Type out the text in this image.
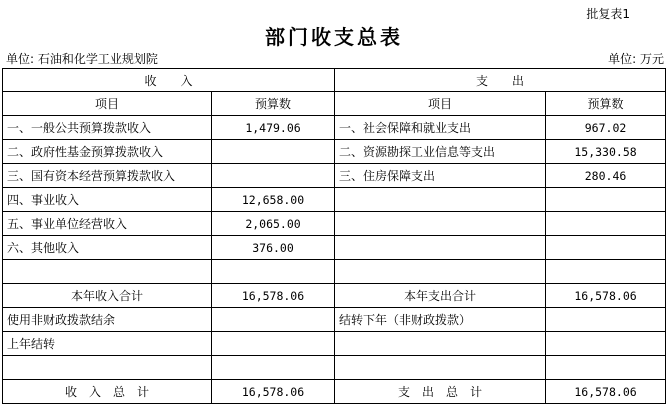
批复表1
部门收支总表
单位: 石油和化学工业规划院	单位: 万元
收　　入		支　　出	
项目	预算数	项目	预算数
一、一般公共预算拨款收入	1,479.06	一、社会保障和就业支出	967.02
二、政府性基金预算拨款收入		二、资源勘探工业信息等支出	15,330.58
三、国有资本经营预算拨款收入		三、住房保障支出	280.46
四、事业收入	12,658.00		
五、事业单位经营收入	2,065.00		
六、其他收入	376.00		

本年收入合计	16,578.06	本年支出合计	16,578.06
使用非财政拨款结余		结转下年（非财政拨款）	
上年结转			

收　入　总　计	16,578.06	支　出　总　计	16,578.06
